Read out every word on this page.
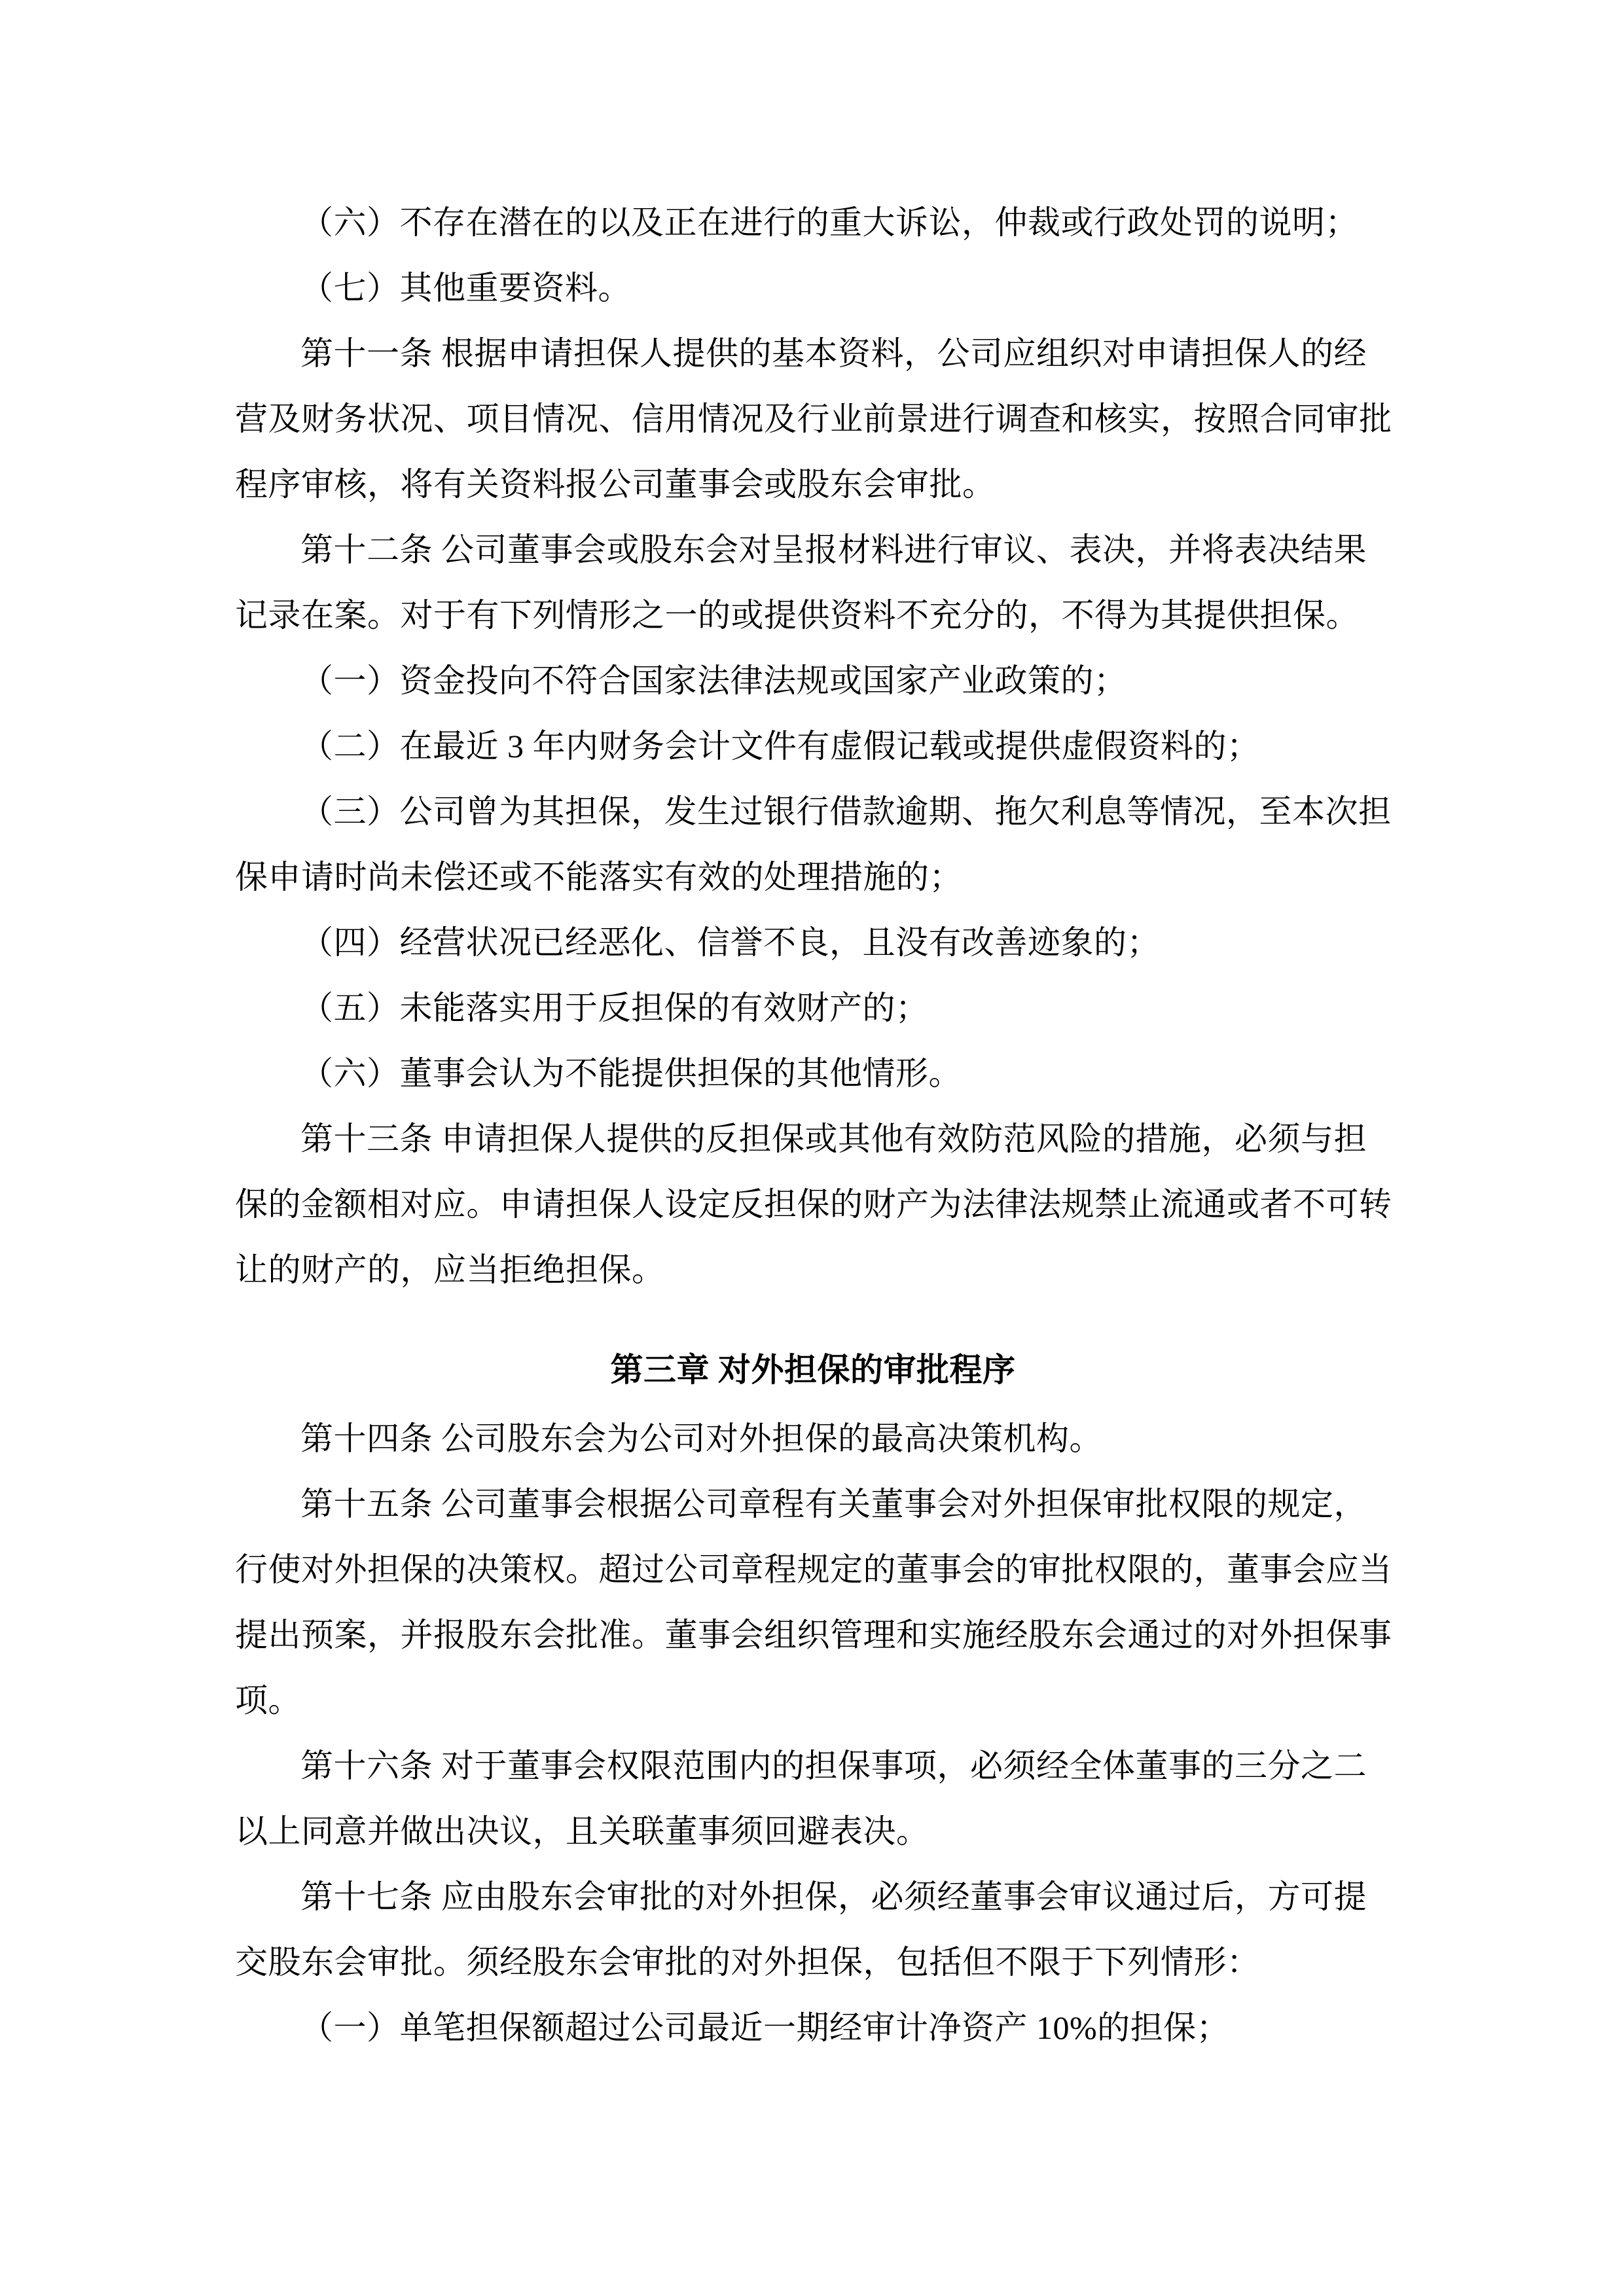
（六）不存在潜在的以及正在进行的重大诉讼，仲裁或行政处罚的说明；
（七）其他重要资料。
第十一条 根据申请担保人提供的基本资料，公司应组织对申请担保人的经
营及财务状况、项目情况、信用情况及行业前景进行调查和核实，按照合同审批
程序审核，将有关资料报公司董事会或股东会审批。
第十二条 公司董事会或股东会对呈报材料进行审议、表决，并将表决结果
记录在案。对于有下列情形之一的或提供资料不充分的，不得为其提供担保。
（一）资金投向不符合国家法律法规或国家产业政策的；
（二）在最近 3 年内财务会计文件有虚假记载或提供虚假资料的；
（三）公司曾为其担保，发生过银行借款逾期、拖欠利息等情况，至本次担
保申请时尚未偿还或不能落实有效的处理措施的；
（四）经营状况已经恶化、信誉不良，且没有改善迹象的；
（五）未能落实用于反担保的有效财产的；
（六）董事会认为不能提供担保的其他情形。
第十三条 申请担保人提供的反担保或其他有效防范风险的措施，必须与担
保的金额相对应。申请担保人设定反担保的财产为法律法规禁止流通或者不可转
让的财产的，应当拒绝担保。
第三章 对外担保的审批程序
第十四条 公司股东会为公司对外担保的最高决策机构。
第十五条 公司董事会根据公司章程有关董事会对外担保审批权限的规定，
行使对外担保的决策权。超过公司章程规定的董事会的审批权限的，董事会应当
提出预案，并报股东会批准。董事会组织管理和实施经股东会通过的对外担保事
项。
第十六条 对于董事会权限范围内的担保事项，必须经全体董事的三分之二
以上同意并做出决议，且关联董事须回避表决。
第十七条 应由股东会审批的对外担保，必须经董事会审议通过后，方可提
交股东会审批。须经股东会审批的对外担保，包括但不限于下列情形：
（一）单笔担保额超过公司最近一期经审计净资产 10%的担保；
